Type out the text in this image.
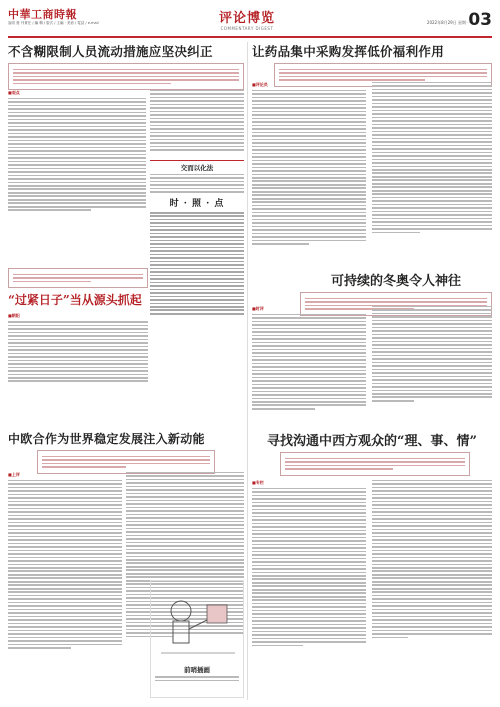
中華工商時報
說明 發 刊責任 / 編 輯 / 版式 / 主編 · 美術 / 電話 / e-mail	评论博览
COMMENTARY DIGEST
2022年8月29日 星期一
03
不含糊限制人员流动措施应坚决纠正
■观点
交而以化法
时 · 照 · 点
“过紧日子”当从源头抓起
■朝阳
中欧合作为世界稳定发展注入新动能
■上评
前哨插画
让药品集中采购发挥低价福利作用
■评论员
可持续的冬奥令人神往
■时评
寻找沟通中西方观众的“理、事、情”
■专栏
